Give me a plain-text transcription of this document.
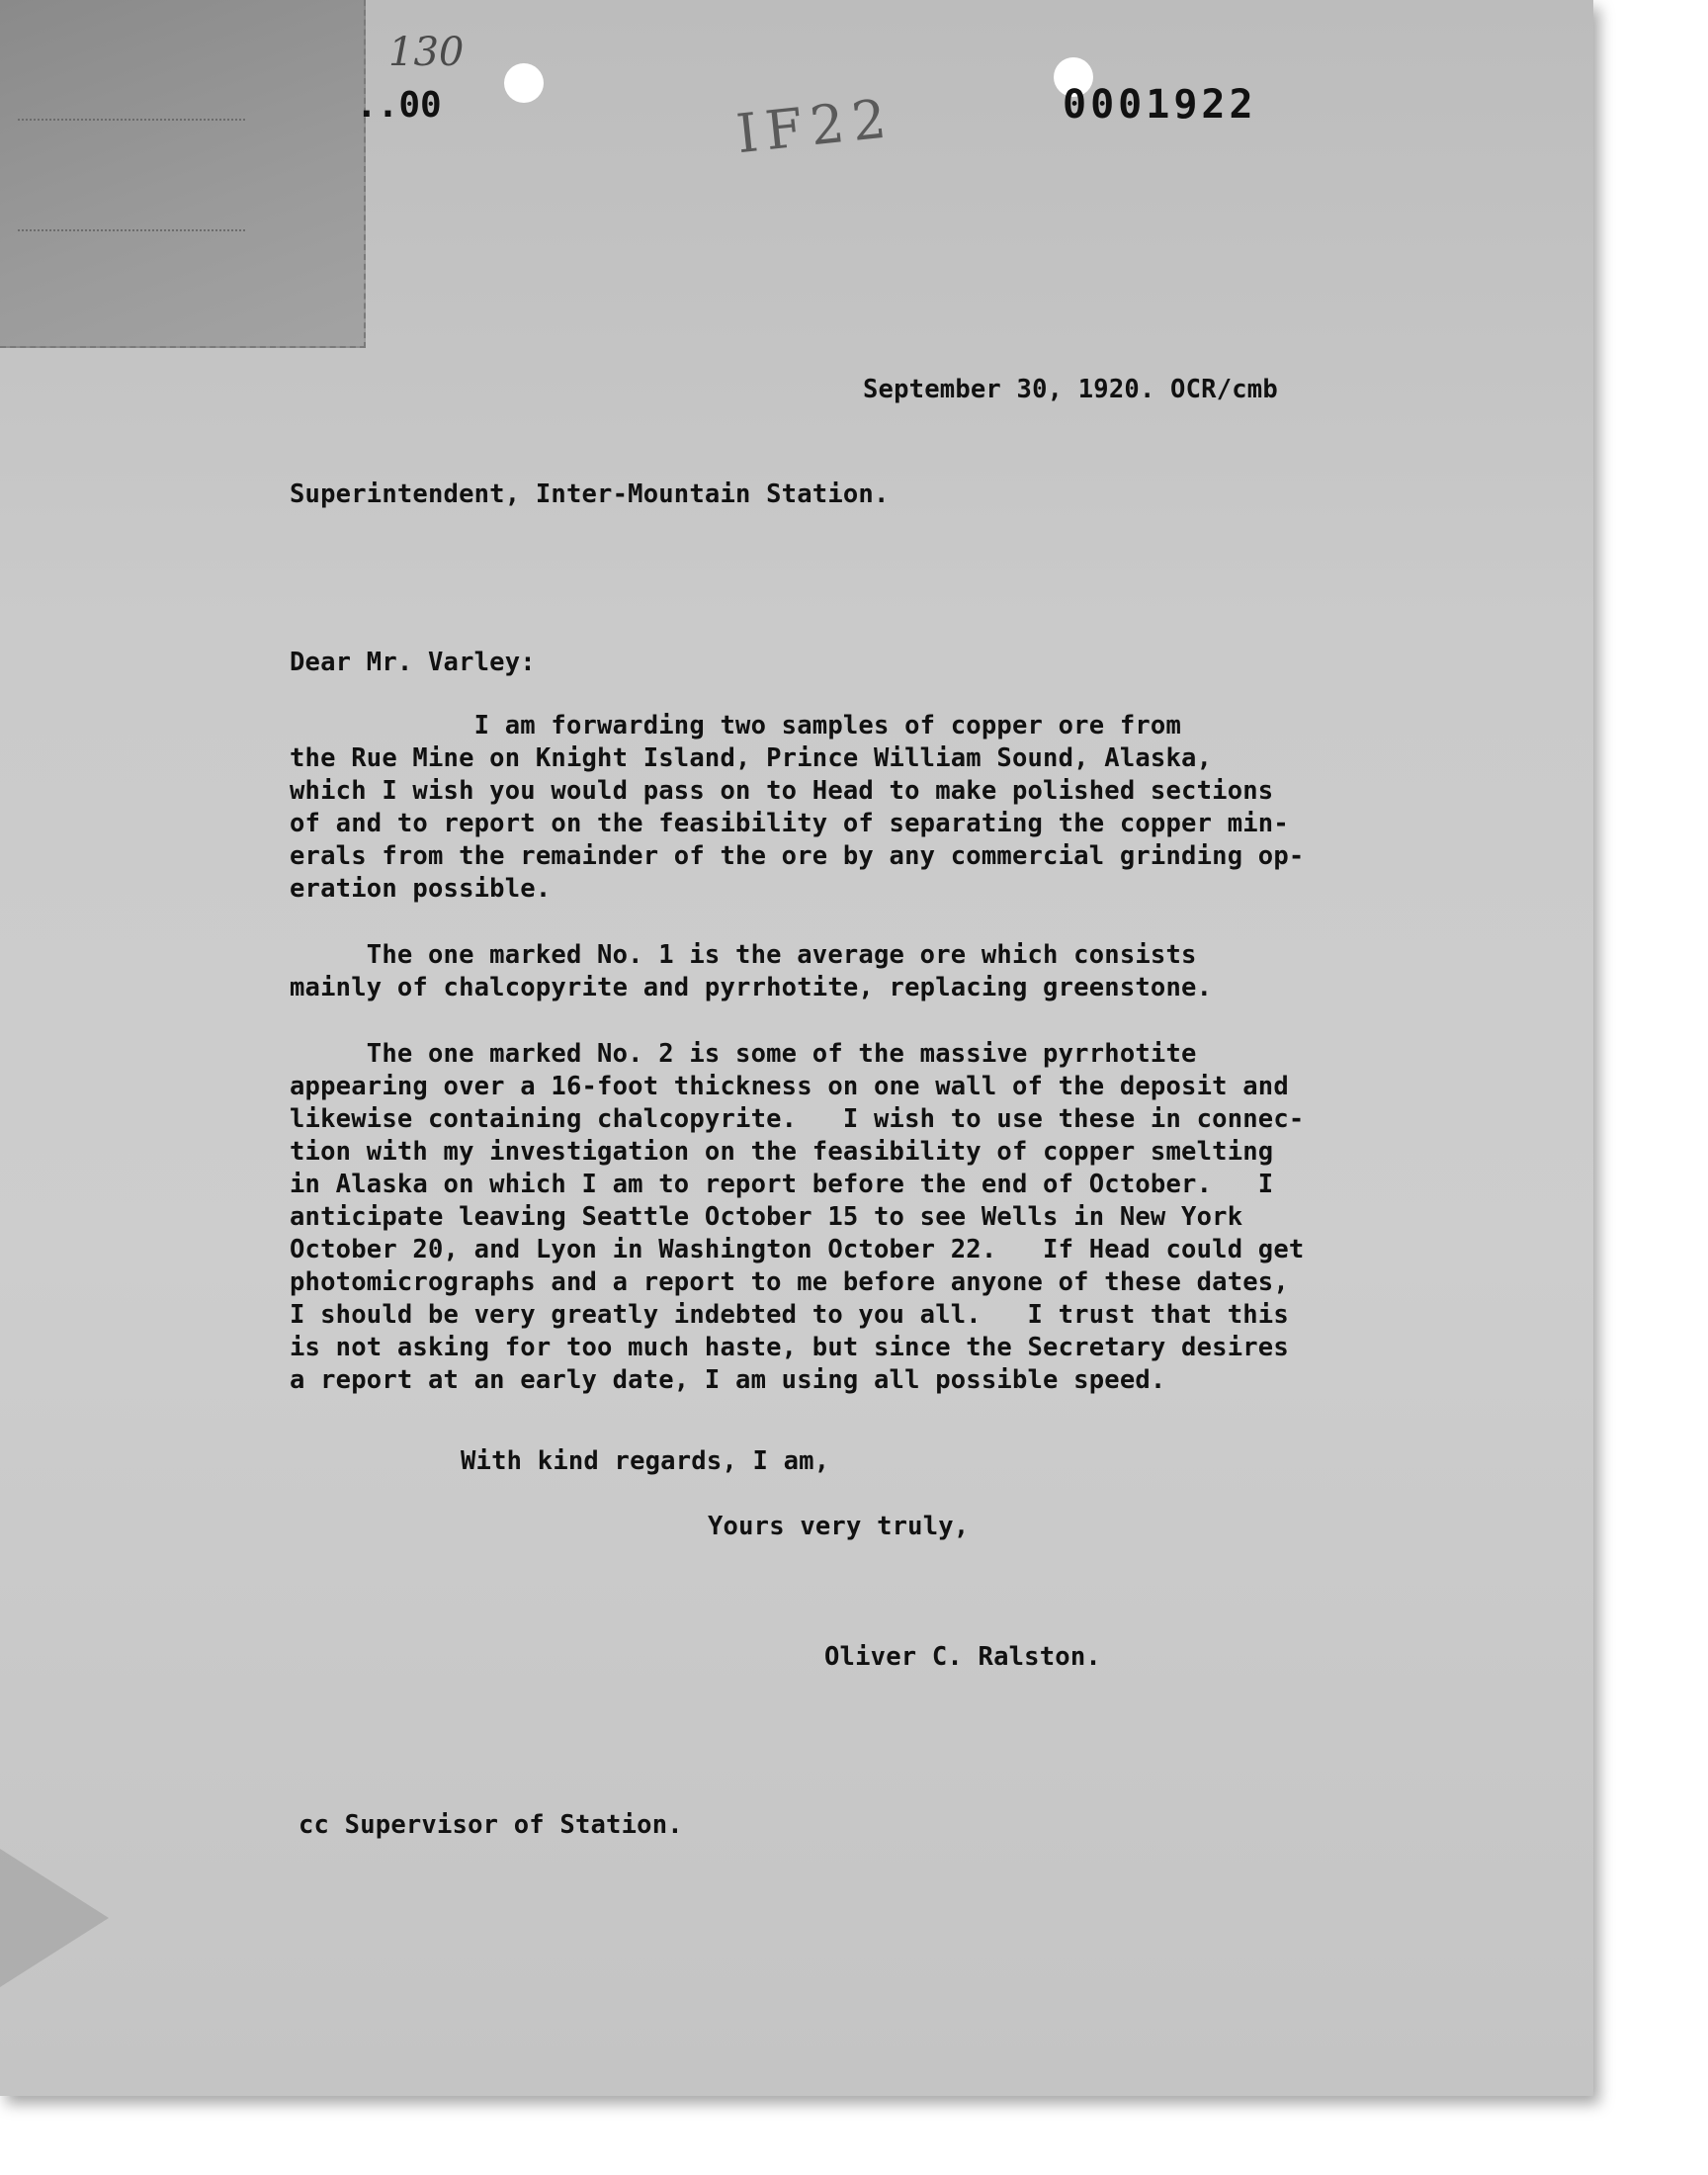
..00
130
IF22	0001922
September 30, 1920. OCR/cmb
Superintendent, Inter-Mountain Station.
Dear Mr. Varley:
I am forwarding two samples of copper ore from
the Rue Mine on Knight Island, Prince William Sound, Alaska,
which I wish you would pass on to Head to make polished sections
of and to report on the feasibility of separating the copper min-
erals from the remainder of the ore by any commercial grinding op-
eration possible.
The one marked No. 1 is the average ore which consists
mainly of chalcopyrite and pyrrhotite, replacing greenstone.
The one marked No. 2 is some of the massive pyrrhotite
appearing over a 16-foot thickness on one wall of the deposit and
likewise containing chalcopyrite.   I wish to use these in connec-
tion with my investigation on the feasibility of copper smelting
in Alaska on which I am to report before the end of October.   I
anticipate leaving Seattle October 15 to see Wells in New York
October 20, and Lyon in Washington October 22.   If Head could get
photomicrographs and a report to me before anyone of these dates,
I should be very greatly indebted to you all.   I trust that this
is not asking for too much haste, but since the Secretary desires
a report at an early date, I am using all possible speed.
With kind regards, I am,
Yours very truly,
Oliver C. Ralston.
cc Supervisor of Station.
